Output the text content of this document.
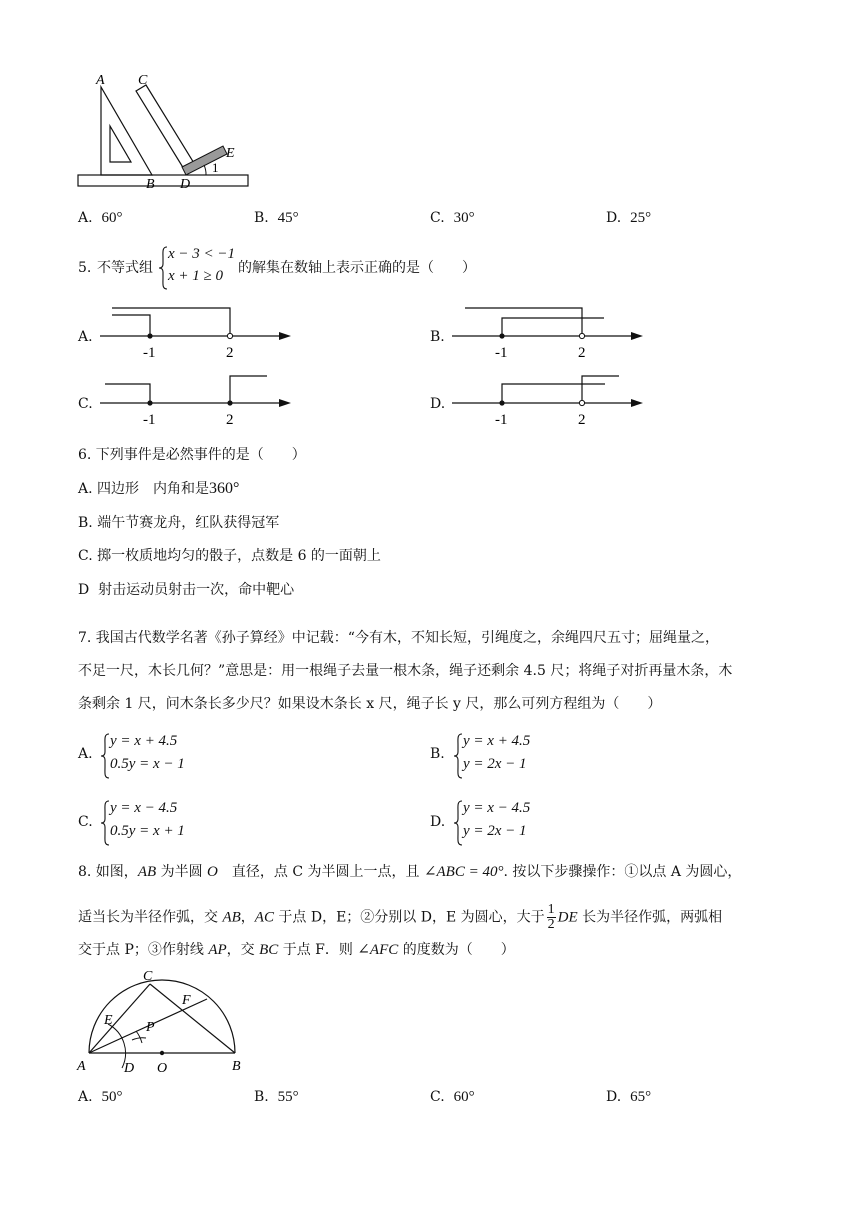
A C
E
1
B D
A. 60°	B. 45°	C. 30°	D. 25°
5. 不等式组
x − 3 < −1
x + 1 ≥ 0 的解集在数轴上表示正确的是（　　）
A.
-1	2
B.
-1	2
C.
-1	2
D.
-1	2
6. 下列事件是必然事件的是（　　）
A. 四边形　内角和是360°
B. 端午节赛龙舟，红队获得冠军
C. 掷一枚质地均匀的骰子，点数是 6 的一面朝上
D 射击运动员射击一次，命中靶心
7. 我国古代数学名著《孙子算经》中记载：“今有木，不知长短，引绳度之，余绳四尺五寸；屈绳量之，
不足一尺，木长几何？”意思是：用一根绳子去量一根木条，绳子还剩余 4.5 尺；将绳子对折再量木条，木
条剩余 1 尺，问木条长多少尺？如果设木条长 x 尺，绳子长 y 尺，那么可列方程组为（　　）
A.
y = x + 4.5
0.5y = x − 1
B.
y = x + 4.5
y = 2x − 1
C.
y = x − 4.5
0.5y = x + 1
D.
y = x − 4.5
y = 2x − 1
8. 如图，AB 为半圆 O　直径，点 C 为半圆上一点，且 ∠ABC = 40°. 按以下步骤操作：①以点 A 为圆心，
适当长为半径作弧，交 AB，AC 于点 D，E；②分别以 D，E 为圆心，大于 $\frac{1}{2}$ DE 长为半径作弧，两弧相
交于点 P；③作射线 AP，交 BC 于点 F．则 ∠AFC 的度数为（　　）
C
F
E P
A	D O	B
A. 50°	B. 55°	C. 60°	D. 65°
